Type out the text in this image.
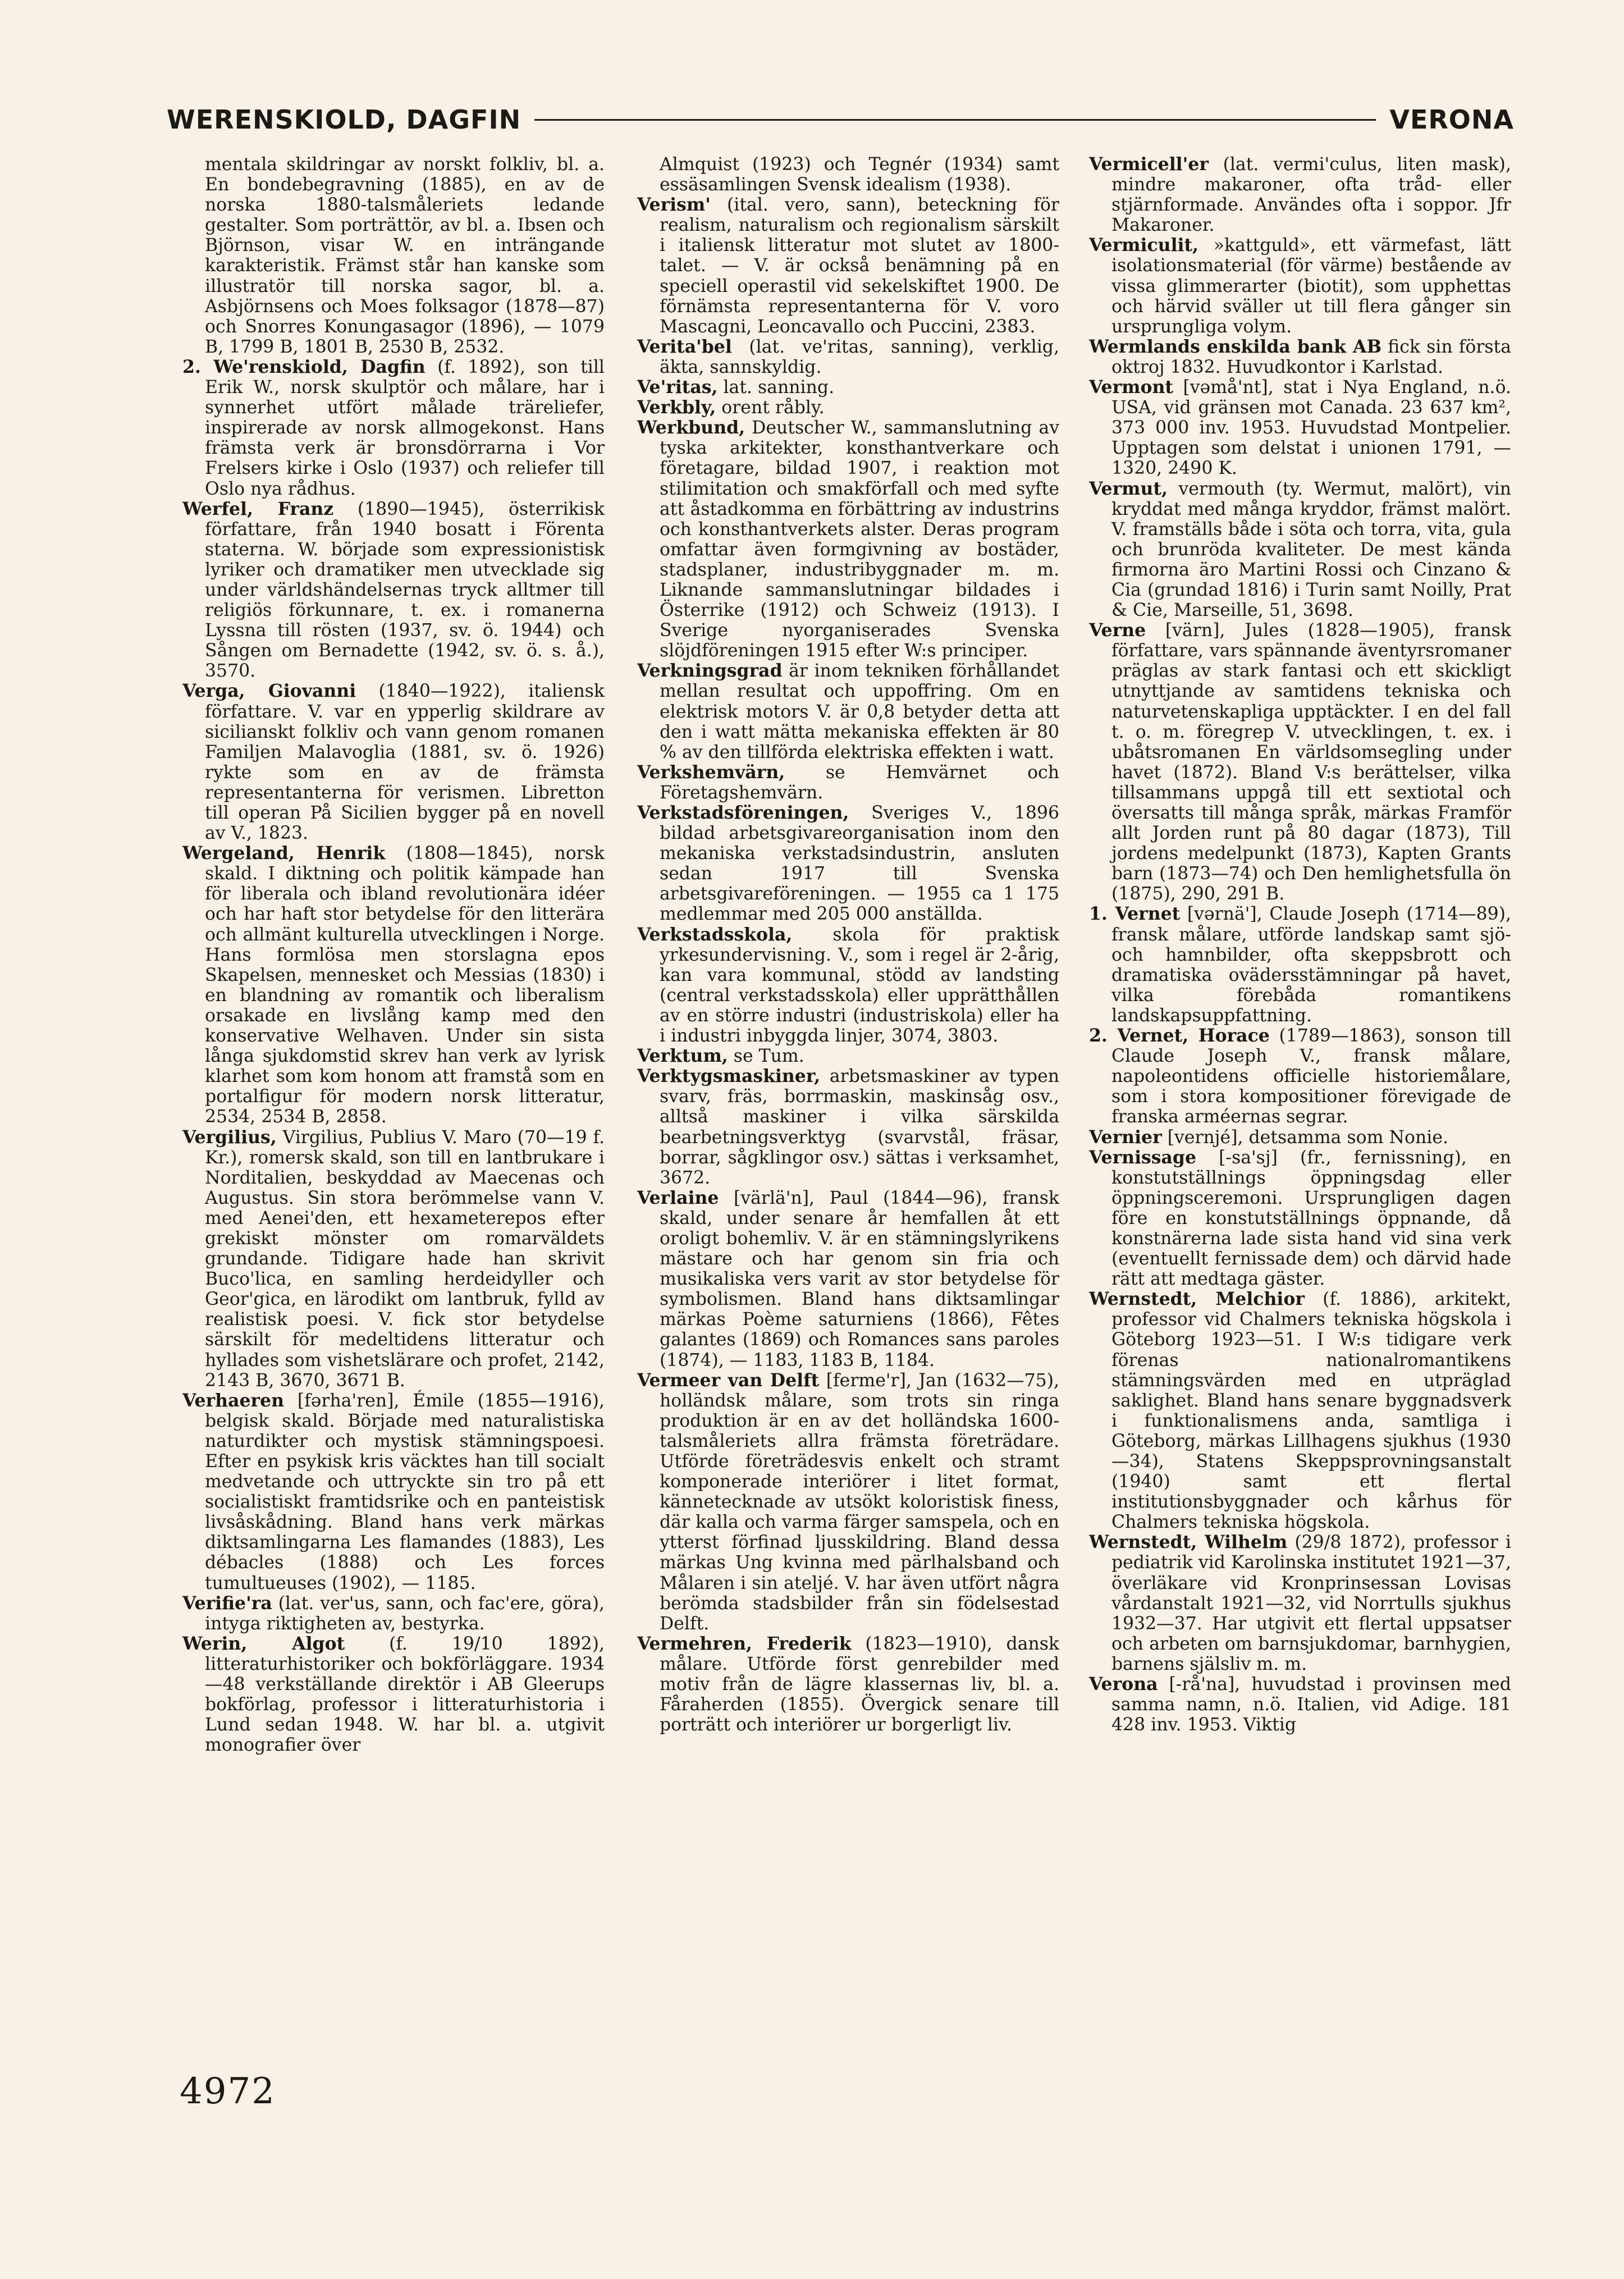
WERENSKIOLD, DAGFIN	VERONA

mentala skildringar av norskt folkliv, bl. a. En bondebegravning (1885), en av de norska 1880-talsmåleriets ledande gestalter. Som porträttör, av bl. a. Ibsen och Björnson, visar W. en inträngande karakteristik. Främst står han kanske som illustratör till norska sagor, bl. a. Asbjörnsens och Moes folksagor (1878—87) och Snorres Konungasagor (1896), — 1079 B, 1799 B, 1801 B, 2530 B, 2532.

2. We'renskiold, Dagfin (f. 1892), son till Erik W., norsk skulptör och målare, har i synnerhet utfört målade träreliefer, inspirerade av norsk allmogekonst. Hans främsta verk är bronsdörrarna i Vor Frelsers kirke i Oslo (1937) och reliefer till Oslo nya rådhus.

Werfel, Franz (1890—1945), österrikisk författare, från 1940 bosatt i Förenta staterna. W. började som expressionistisk lyriker och dramatiker men utvecklade sig under världshändelsernas tryck alltmer till religiös förkunnare, t. ex. i romanerna Lyssna till rösten (1937, sv. ö. 1944) och Sången om Bernadette (1942, sv. ö. s. å.), 3570.

Verga, Giovanni (1840—1922), italiensk författare. V. var en ypperlig skildrare av sicilianskt folkliv och vann genom romanen Familjen Malavoglia (1881, sv. ö. 1926) rykte som en av de främsta representanterna för verismen. Libretton till operan På Sicilien bygger på en novell av V., 1823.

Wergeland, Henrik (1808—1845), norsk skald. I diktning och politik kämpade han för liberala och ibland revolutionära idéer och har haft stor betydelse för den litterära och allmänt kulturella utvecklingen i Norge. Hans formlösa men storslagna epos Skapelsen, mennesket och Messias (1830) i en blandning av romantik och liberalism orsakade en livslång kamp med den konservative Welhaven. Under sin sista långa sjukdomstid skrev han verk av lyrisk klarhet som kom honom att framstå som en portalfigur för modern norsk litteratur, 2534, 2534 B, 2858.

Vergilius, Virgilius, Publius V. Maro (70—19 f. Kr.), romersk skald, son till en lantbrukare i Norditalien, beskyddad av Maecenas och Augustus. Sin stora berömmelse vann V. med Aenei'den, ett hexameterepos efter grekiskt mönster om romarväldets grundande. Tidigare hade han skrivit Buco'lica, en samling herdeidyller och Geor'gica, en lärodikt om lantbruk, fylld av realistisk poesi. V. fick stor betydelse särskilt för medeltidens litteratur och hyllades som vishetslärare och profet, 2142, 2143 B, 3670, 3671 B.

Verhaeren [fərha'ren], Émile (1855—1916), belgisk skald. Började med naturalistiska naturdikter och mystisk stämningspoesi. Efter en psykisk kris väcktes han till socialt medvetande och uttryckte sin tro på ett socialistiskt framtidsrike och en panteistisk livsåskådning. Bland hans verk märkas diktsamlingarna Les flamandes (1883), Les débacles (1888) och Les forces tumultueuses (1902), — 1185.

Verifie'ra (lat. ver'us, sann, och fac'ere, göra), intyga riktigheten av, bestyrka.

Werin, Algot (f. 19/10 1892), litteraturhistoriker och bokförläggare. 1934—48 verkställande direktör i AB Gleerups bokförlag, professor i litteraturhistoria i Lund sedan 1948. W. har bl. a. utgivit monografier över

Almquist (1923) och Tegnér (1934) samt essäsamlingen Svensk idealism (1938).

Verism' (ital. vero, sann), beteckning för realism, naturalism och regionalism särskilt i italiensk litteratur mot slutet av 1800-talet. — V. är också benämning på en speciell operastil vid sekelskiftet 1900. De förnämsta representanterna för V. voro Mascagni, Leoncavallo och Puccini, 2383.

Verita'bel (lat. ve'ritas, sanning), verklig, äkta, sannskyldig.

Ve'ritas, lat. sanning.

Verkbly, orent råbly.

Werkbund, Deutscher W., sammanslutning av tyska arkitekter, konsthantverkare och företagare, bildad 1907, i reaktion mot stilimitation och smakförfall och med syfte att åstadkomma en förbättring av industrins och konsthantverkets alster. Deras program omfattar även formgivning av bostäder, stadsplaner, industribyggnader m. m. Liknande sammanslutningar bildades i Österrike (1912) och Schweiz (1913). I Sverige nyorganiserades Svenska slöjdföreningen 1915 efter W:s principer.

Verkningsgrad är inom tekniken förhållandet mellan resultat och uppoffring. Om en elektrisk motors V. är 0,8 betyder detta att den i watt mätta mekaniska effekten är 80 % av den tillförda elektriska effekten i watt.

Verkshemvärn, se Hemvärnet och Företagshemvärn.

Verkstadsföreningen, Sveriges V., 1896 bildad arbetsgivareorganisation inom den mekaniska verkstadsindustrin, ansluten sedan 1917 till Svenska arbetsgivareföreningen. — 1955 ca 1 175 medlemmar med 205 000 anställda.

Verkstadsskola, skola för praktisk yrkesundervisning. V., som i regel är 2-årig, kan vara kommunal, stödd av landsting (central verkstadsskola) eller upprätthållen av en större industri (industriskola) eller ha i industri inbyggda linjer, 3074, 3803.

Verktum, se Tum.

Verktygsmaskiner, arbetsmaskiner av typen svarv, fräs, borrmaskin, maskinsåg osv., alltså maskiner i vilka särskilda bearbetningsverktyg (svarvstål, fräsar, borrar, sågklingor osv.) sättas i verksamhet, 3672.

Verlaine [värlä'n], Paul (1844—96), fransk skald, under senare år hemfallen åt ett oroligt bohemliv. V. är en stämningslyrikens mästare och har genom sin fria och musikaliska vers varit av stor betydelse för symbolismen. Bland hans diktsamlingar märkas Poème saturniens (1866), Fêtes galantes (1869) och Romances sans paroles (1874), — 1183, 1183 B, 1184.

Vermeer van Delft [ferme'r], Jan (1632—75), holländsk målare, som trots sin ringa produktion är en av det holländska 1600-talsmåleriets allra främsta företrädare. Utförde företrädesvis enkelt och stramt komponerade interiörer i litet format, kännetecknade av utsökt koloristisk finess, där kalla och varma färger samspela, och en ytterst förfinad ljusskildring. Bland dessa märkas Ung kvinna med pärlhalsband och Målaren i sin ateljé. V. har även utfört några berömda stadsbilder från sin födelsestad Delft.

Vermehren, Frederik (1823—1910), dansk målare. Utförde först genrebilder med motiv från de lägre klassernas liv, bl. a. Fåraherden (1855). Övergick senare till porträtt och interiörer ur borgerligt liv.

Vermicell'er (lat. vermi'culus, liten mask), mindre makaroner, ofta tråd- eller stjärnformade. Användes ofta i soppor. Jfr Makaroner.

Vermiculit, »kattguld», ett värmefast, lätt isolationsmaterial (för värme) bestående av vissa glimmerarter (biotit), som upphettas och härvid sväller ut till flera gånger sin ursprungliga volym.

Wermlands enskilda bank AB fick sin första oktroj 1832. Huvudkontor i Karlstad.

Vermont [vəmå'nt], stat i Nya England, n.ö. USA, vid gränsen mot Canada. 23 637 km², 373 000 inv. 1953. Huvudstad Montpelier. Upptagen som delstat i unionen 1791, — 1320, 2490 K.

Vermut, vermouth (ty. Wermut, malört), vin kryddat med många kryddor, främst malört. V. framställs både i söta och torra, vita, gula och brunröda kvaliteter. De mest kända firmorna äro Martini Rossi och Cinzano & Cia (grundad 1816) i Turin samt Noilly, Prat & Cie, Marseille, 51, 3698.

Verne [värn], Jules (1828—1905), fransk författare, vars spännande äventyrsromaner präglas av stark fantasi och ett skickligt utnyttjande av samtidens tekniska och naturvetenskapliga upptäckter. I en del fall t. o. m. föregrep V. utvecklingen, t. ex. i ubåtsromanen En världsomsegling under havet (1872). Bland V:s berättelser, vilka tillsammans uppgå till ett sextiotal och översatts till många språk, märkas Framför allt Jorden runt på 80 dagar (1873), Till jordens medelpunkt (1873), Kapten Grants barn (1873—74) och Den hemlighetsfulla ön (1875), 290, 291 B.

1. Vernet [vərnä'], Claude Joseph (1714—89), fransk målare, utförde landskap samt sjö- och hamnbilder, ofta skeppsbrott och dramatiska ovädersstämningar på havet, vilka förebåda romantikens landskapsuppfattning.

2. Vernet, Horace (1789—1863), sonson till Claude Joseph V., fransk målare, napoleontidens officielle historiemålare, som i stora kompositioner förevigade de franska arméernas segrar.

Vernier [vernjé], detsamma som Nonie.

Vernissage [-sa'sj] (fr., fernissning), en konstutställnings öppningsdag eller öppningsceremoni. Ursprungligen dagen före en konstutställnings öppnande, då konstnärerna lade sista hand vid sina verk (eventuellt fernissade dem) och därvid hade rätt att medtaga gäster.

Wernstedt, Melchior (f. 1886), arkitekt, professor vid Chalmers tekniska högskola i Göteborg 1923—51. I W:s tidigare verk förenas nationalromantikens stämningsvärden med en utpräglad saklighet. Bland hans senare byggnadsverk i funktionalismens anda, samtliga i Göteborg, märkas Lillhagens sjukhus (1930—34), Statens Skeppsprovningsanstalt (1940) samt ett flertal institutionsbyggnader och kårhus för Chalmers tekniska högskola.

Wernstedt, Wilhelm (29/8 1872), professor i pediatrik vid Karolinska institutet 1921—37, överläkare vid Kronprinsessan Lovisas vårdanstalt 1921—32, vid Norrtulls sjukhus 1932—37. Har utgivit ett flertal uppsatser och arbeten om barnsjukdomar, barnhygien, barnens själsliv m. m.

Verona [-rå'na], huvudstad i provinsen med samma namn, n.ö. Italien, vid Adige. 181 428 inv. 1953. Viktig

4972
